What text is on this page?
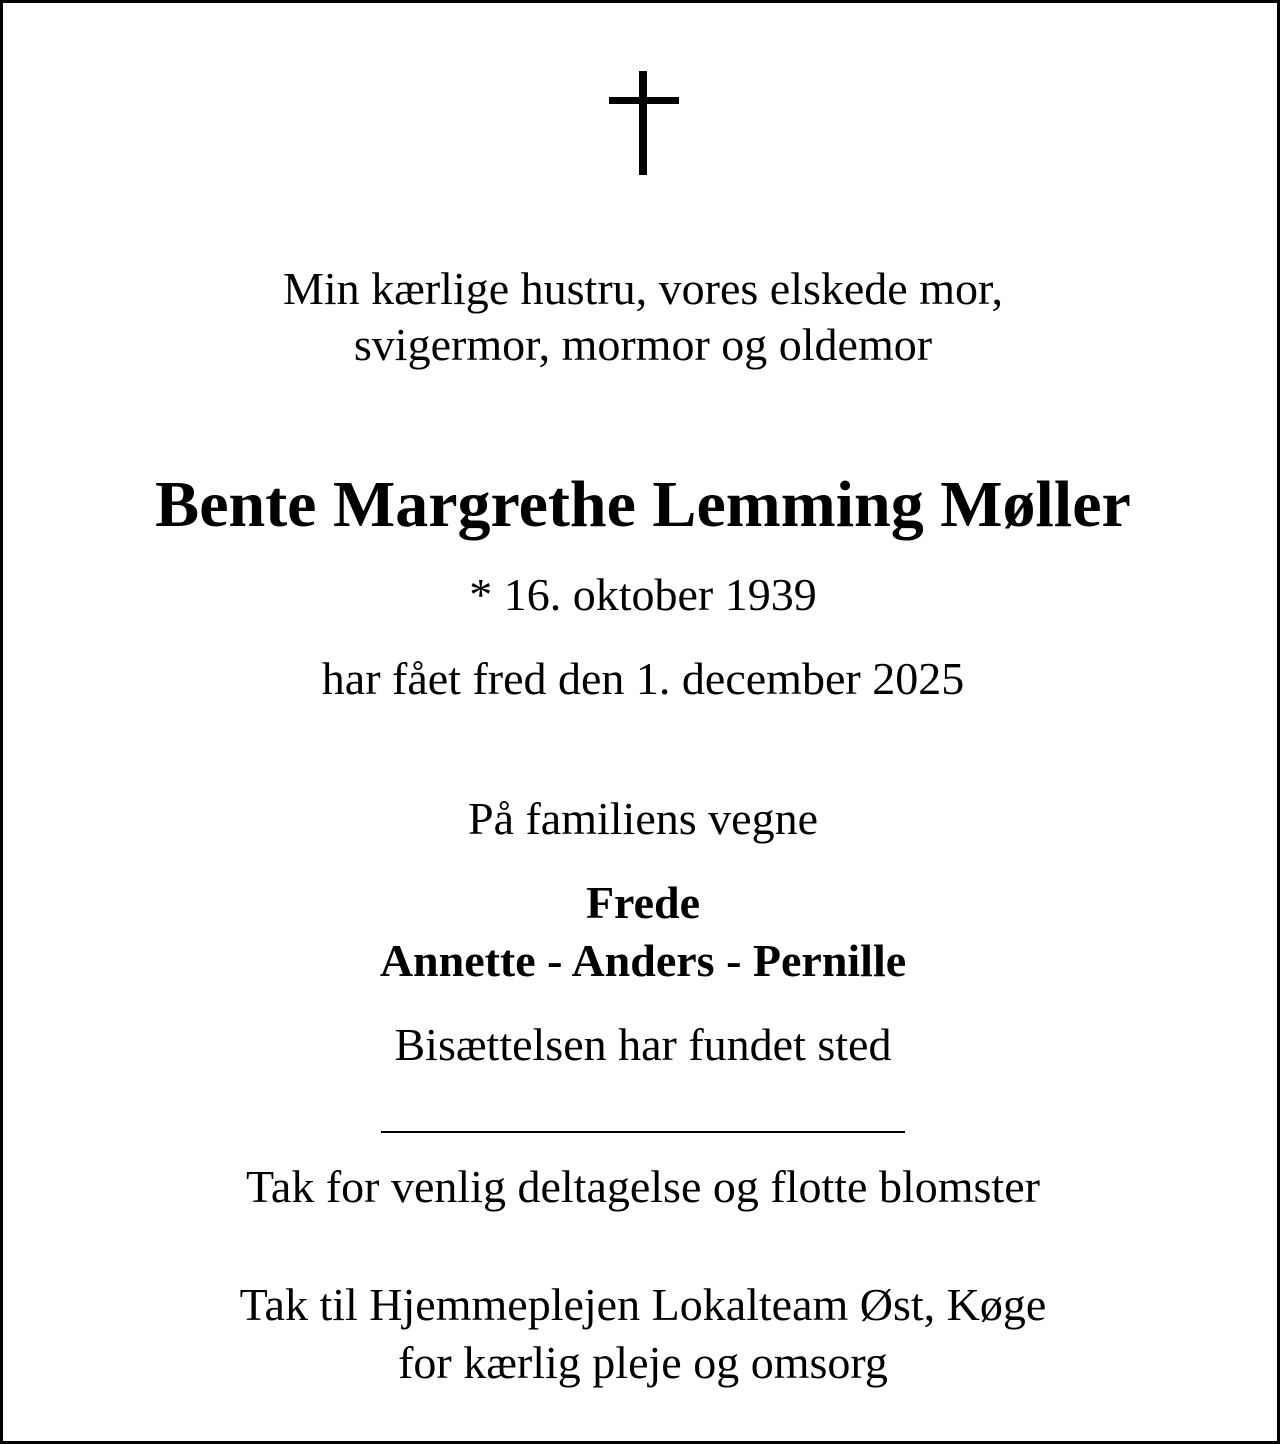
Min kærlige hustru, vores elskede mor,

svigermor, mormor og oldemor

Bente Margrethe Lemming Møller

* 16. oktober 1939

har fået fred den 1. december 2025

På familiens vegne

Frede

Annette - Anders - Pernille

Bisættelsen har fundet sted

Tak for venlig deltagelse og flotte blomster

Tak til Hjemmeplejen Lokalteam Øst, Køge

for kærlig pleje og omsorg
